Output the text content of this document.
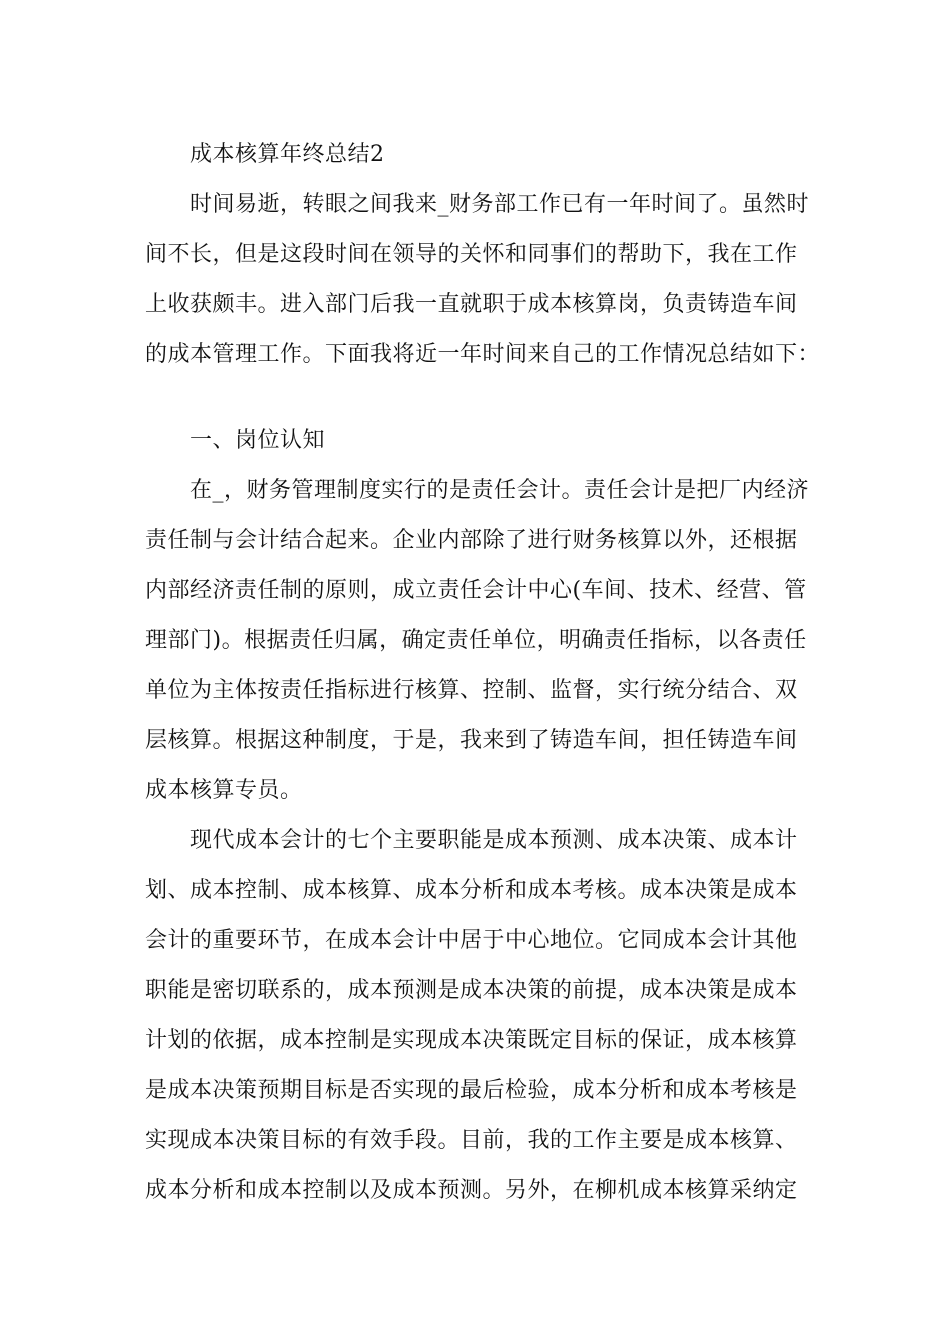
成本核算年终总结2
时间易逝，转眼之间我来_财务部工作已有一年时间了。虽然时
间不长，但是这段时间在领导的关怀和同事们的帮助下，我在工作
上收获颇丰。进入部门后我一直就职于成本核算岗，负责铸造车间
的成本管理工作。下面我将近一年时间来自己的工作情况总结如下：
一、岗位认知
在_，财务管理制度实行的是责任会计。责任会计是把厂内经济
责任制与会计结合起来。企业内部除了进行财务核算以外，还根据
内部经济责任制的原则，成立责任会计中心(车间、技术、经营、管
理部门)。根据责任归属，确定责任单位，明确责任指标，以各责任
单位为主体按责任指标进行核算、控制、监督，实行统分结合、双
层核算。根据这种制度，于是，我来到了铸造车间，担任铸造车间
成本核算专员。
现代成本会计的七个主要职能是成本预测、成本决策、成本计
划、成本控制、成本核算、成本分析和成本考核。成本决策是成本
会计的重要环节，在成本会计中居于中心地位。它同成本会计其他
职能是密切联系的，成本预测是成本决策的前提，成本决策是成本
计划的依据，成本控制是实现成本决策既定目标的保证，成本核算
是成本决策预期目标是否实现的最后检验，成本分析和成本考核是
实现成本决策目标的有效手段。目前，我的工作主要是成本核算、
成本分析和成本控制以及成本预测。另外，在柳机成本核算采纳定
